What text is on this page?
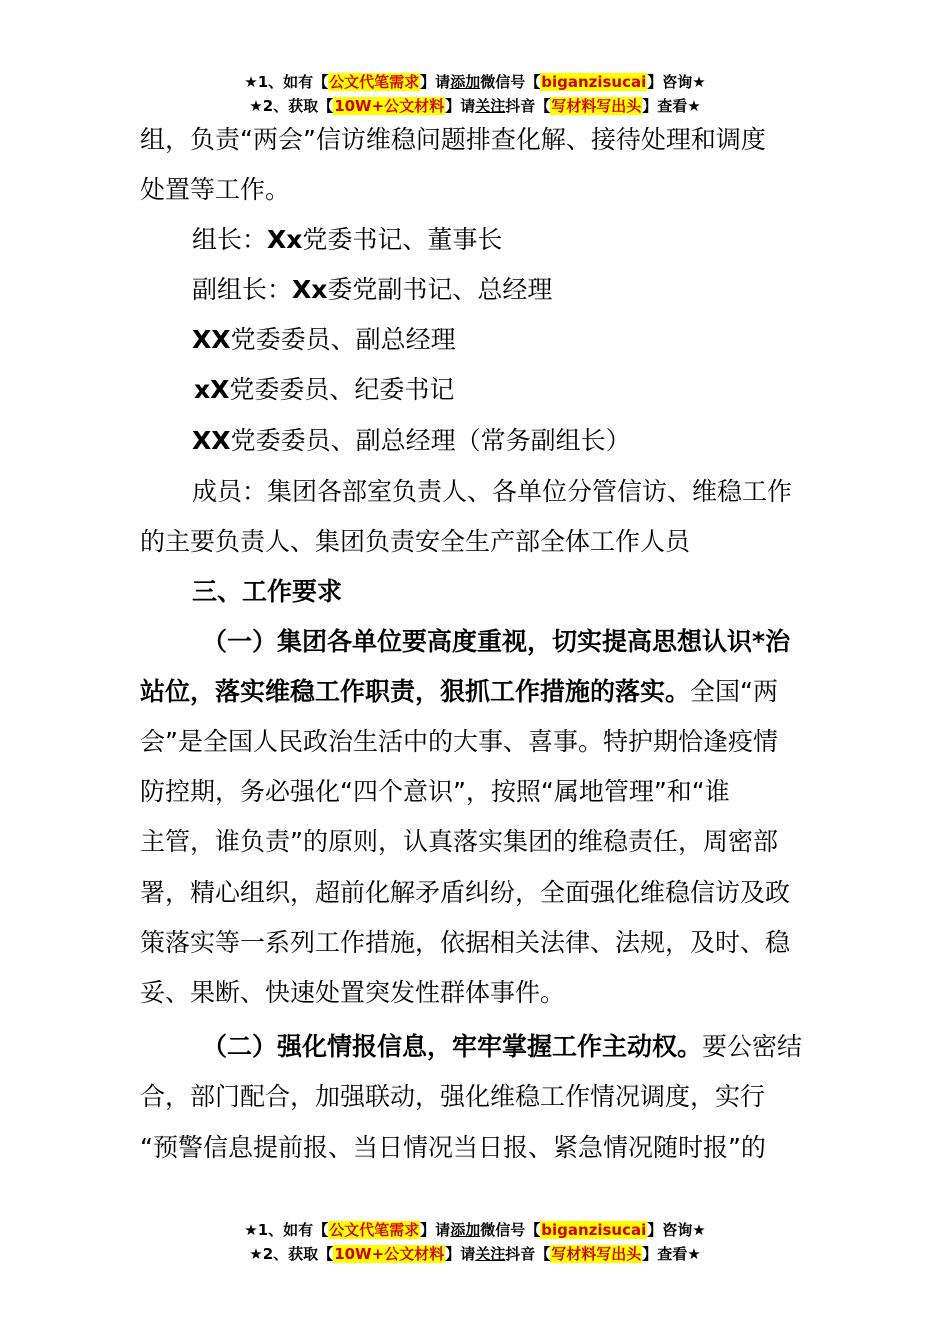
★1、如有【公文代笔需求】请添加微信号【biganzisucai】咨询★
★2、获取【10W+公文材料】请关注抖音【写材料写出头】查看★
组，负责“两会”信访维稳问题排查化解、接待处理和调度
处置等工作。
组长：Xx党委书记、董事长
副组长：Xx委党副书记、总经理
XX党委委员、副总经理
xX党委委员、纪委书记
XX党委委员、副总经理（常务副组长）
成员：集团各部室负责人、各单位分管信访、维稳工作
的主要负责人、集团负责安全生产部全体工作人员
三、工作要求
（一）集团各单位要高度重视，切实提高思想认识*治
站位，落实维稳工作职责，狠抓工作措施的落实。全国“两
会”是全国人民政治生活中的大事、喜事。特护期恰逢疫情
防控期，务必强化“四个意识”，按照“属地管理”和“谁
主管，谁负责”的原则，认真落实集团的维稳责任，周密部
署，精心组织，超前化解矛盾纠纷，全面强化维稳信访及政
策落实等一系列工作措施，依据相关法律、法规，及时、稳
妥、果断、快速处置突发性群体事件。
（二）强化情报信息，牢牢掌握工作主动权。要公密结
合，部门配合，加强联动，强化维稳工作情况调度，实行
“预警信息提前报、当日情况当日报、紧急情况随时报”的
★1、如有【公文代笔需求】请添加微信号【biganzisucai】咨询★
★2、获取【10W+公文材料】请关注抖音【写材料写出头】查看★
